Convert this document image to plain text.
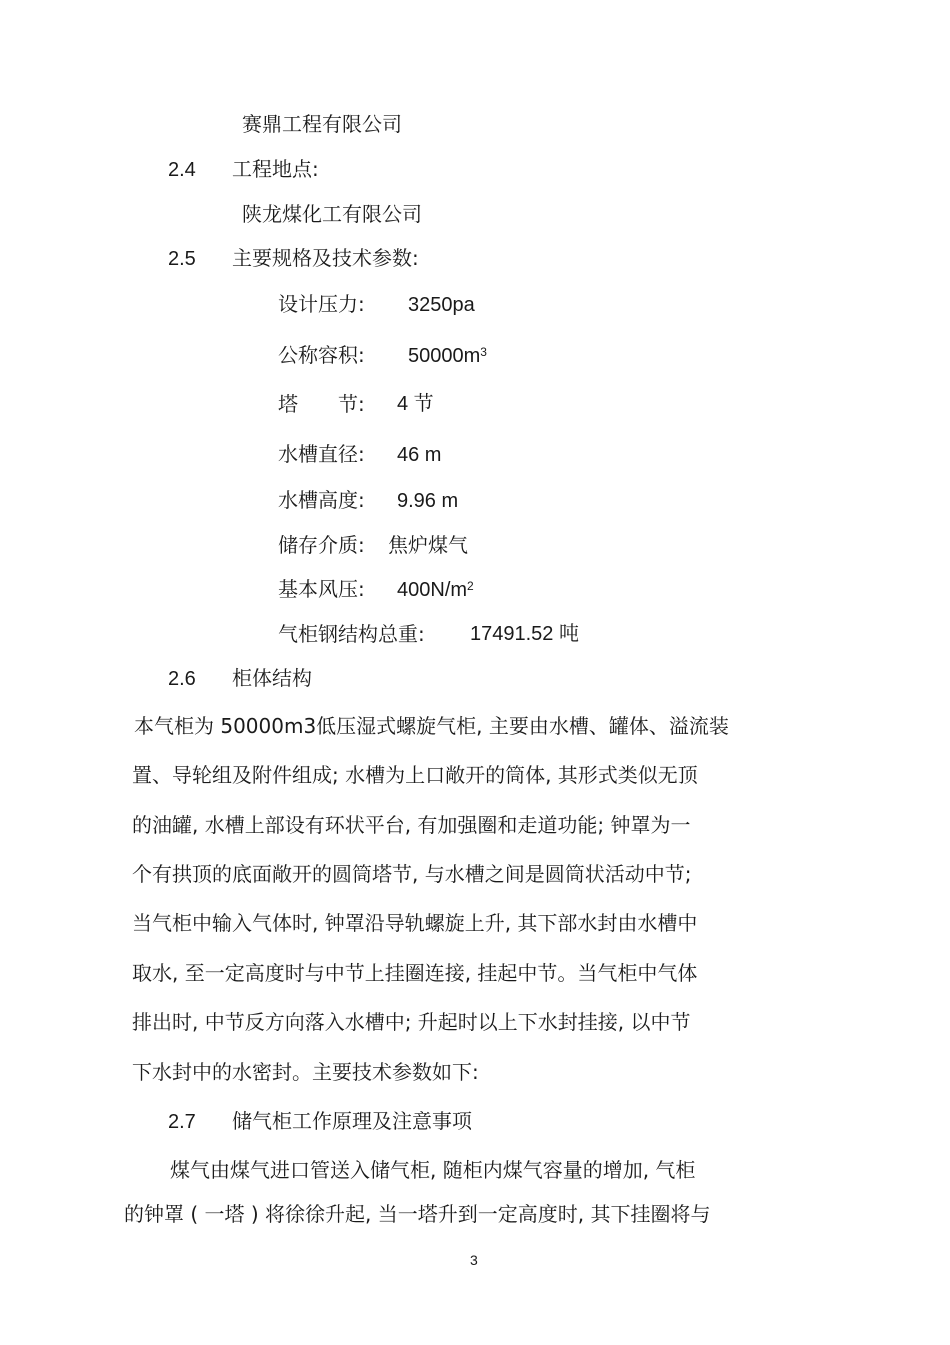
赛鼎工程有限公司
2.4 工程地点:
陕龙煤化工有限公司
2.5 主要规格及技术参数:
设计压力: 3250pa
公称容积: $50000m^3$
塔　　节: 4 节
水槽直径: 46 m
水槽高度: 9.96 m
储存介质: 焦炉煤气
基本风压: $400N/m^2$
气柜钢结构总重: 17491.52 吨
2.6 柜体结构
本气柜为 50000m3低压湿式螺旋气柜, 主要由水槽、罐体、溢流装
置、导轮组及附件组成; 水槽为上口敞开的筒体, 其形式类似无顶
的油罐, 水槽上部设有环状平台, 有加强圈和走道功能; 钟罩为一
个有拱顶的底面敞开的圆筒塔节, 与水槽之间是圆筒状活动中节;
当气柜中输入气体时, 钟罩沿导轨螺旋上升, 其下部水封由水槽中
取水, 至一定高度时与中节上挂圈连接, 挂起中节。当气柜中气体
排出时, 中节反方向落入水槽中; 升起时以上下水封挂接, 以中节
下水封中的水密封。主要技术参数如下:
2.7 储气柜工作原理及注意事项
煤气由煤气进口管送入储气柜, 随柜内煤气容量的增加, 气柜
的钟罩 ( 一塔 ) 将徐徐升起, 当一塔升到一定高度时, 其下挂圈将与
3
